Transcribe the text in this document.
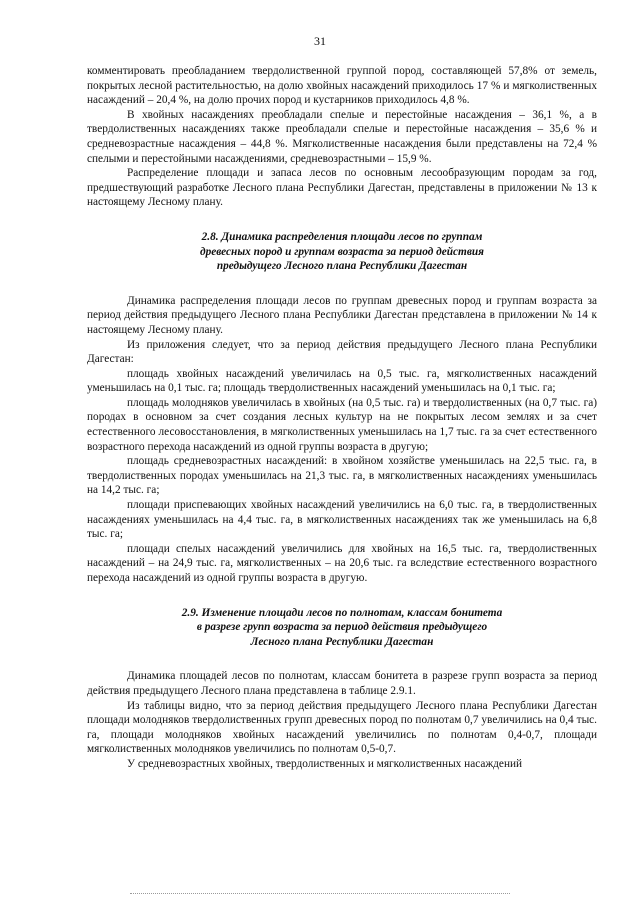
31

комментировать преобладанием твердолиственной группой пород, составляющей 57,8% от земель, покрытых лесной растительностью, на долю хвойных насаждений приходилось 17 % и мягколиственных насаждений – 20,4 %, на долю прочих пород и кустарников приходилось 4,8 %.

В хвойных насаждениях преобладали спелые и перестойные насаждения – 36,1 %, а в твердолиственных насаждениях также преобладали спелые и перестойные насаждения – 35,6 % и средневозрастные насаждения – 44,8 %. Мягколиственные насаждения были представлены на 72,4 % спелыми и перестойными насаждениями, средневозрастными – 15,9 %.

Распределение площади и запаса лесов по основным лесообразующим породам за год, предшествующий разработке Лесного плана Республики Дагестан, представлены в приложении № 13 к настоящему Лесному плану.

2.8. Динамика распределения площади лесов по группам
древесных пород и группам возраста за период действия
предыдущего Лесного плана Республики Дагестан

Динамика распределения площади лесов по группам древесных пород и группам возраста за период действия предыдущего Лесного плана Республики Дагестан представлена в приложении № 14 к настоящему Лесному плану.

Из приложения следует, что за период действия предыдущего Лесного плана Республики Дагестан:

площадь хвойных насаждений увеличилась на 0,5 тыс. га, мягколиственных насаждений уменьшилась на 0,1 тыс. га; площадь твердолиственных насаждений уменьшилась на 0,1 тыс. га;

площадь молодняков увеличилась в хвойных (на 0,5 тыс. га) и твердолиственных (на 0,7 тыс. га) породах в основном за счет создания лесных культур на не покрытых лесом землях и за счет естественного лесовосстановления, в мягколиственных уменьшилась на 1,7 тыс. га за счет естественного возрастного перехода насаждений из одной группы возраста в другую;

площадь средневозрастных насаждений: в хвойном хозяйстве уменьшилась на 22,5 тыс. га, в твердолиственных породах уменьшилась на 21,3 тыс. га, в мягколиственных насаждениях уменьшилась на 14,2 тыс. га;

площади приспевающих хвойных насаждений увеличились на 6,0 тыс. га, в твердолиственных насаждениях уменьшилась на 4,4 тыс. га, в мягколиственных насаждениях так же уменьшилась на 6,8 тыс. га;

площади спелых насаждений увеличились для хвойных на 16,5 тыс. га, твердолиственных насаждений – на 24,9 тыс. га, мягколиственных – на 20,6 тыс. га вследствие естественного возрастного перехода насаждений из одной группы возраста в другую.

2.9. Изменение площади лесов по полнотам, классам бонитета
в разрезе групп возраста за период действия предыдущего
Лесного плана Республики Дагестан

Динамика площадей лесов по полнотам, классам бонитета в разрезе групп возраста за период действия предыдущего Лесного плана представлена в таблице 2.9.1.

Из таблицы видно, что за период действия предыдущего Лесного плана Республики Дагестан площади молодняков твердолиственных групп древесных пород по полнотам 0,7 увеличились на 0,4 тыс. га, площади молодняков хвойных насаждений увеличились по полнотам 0,4-0,7, площади мягколиственных молодняков увеличились по полнотам 0,5-0,7.

У средневозрастных хвойных, твердолиственных и мягколиственных насаждений
